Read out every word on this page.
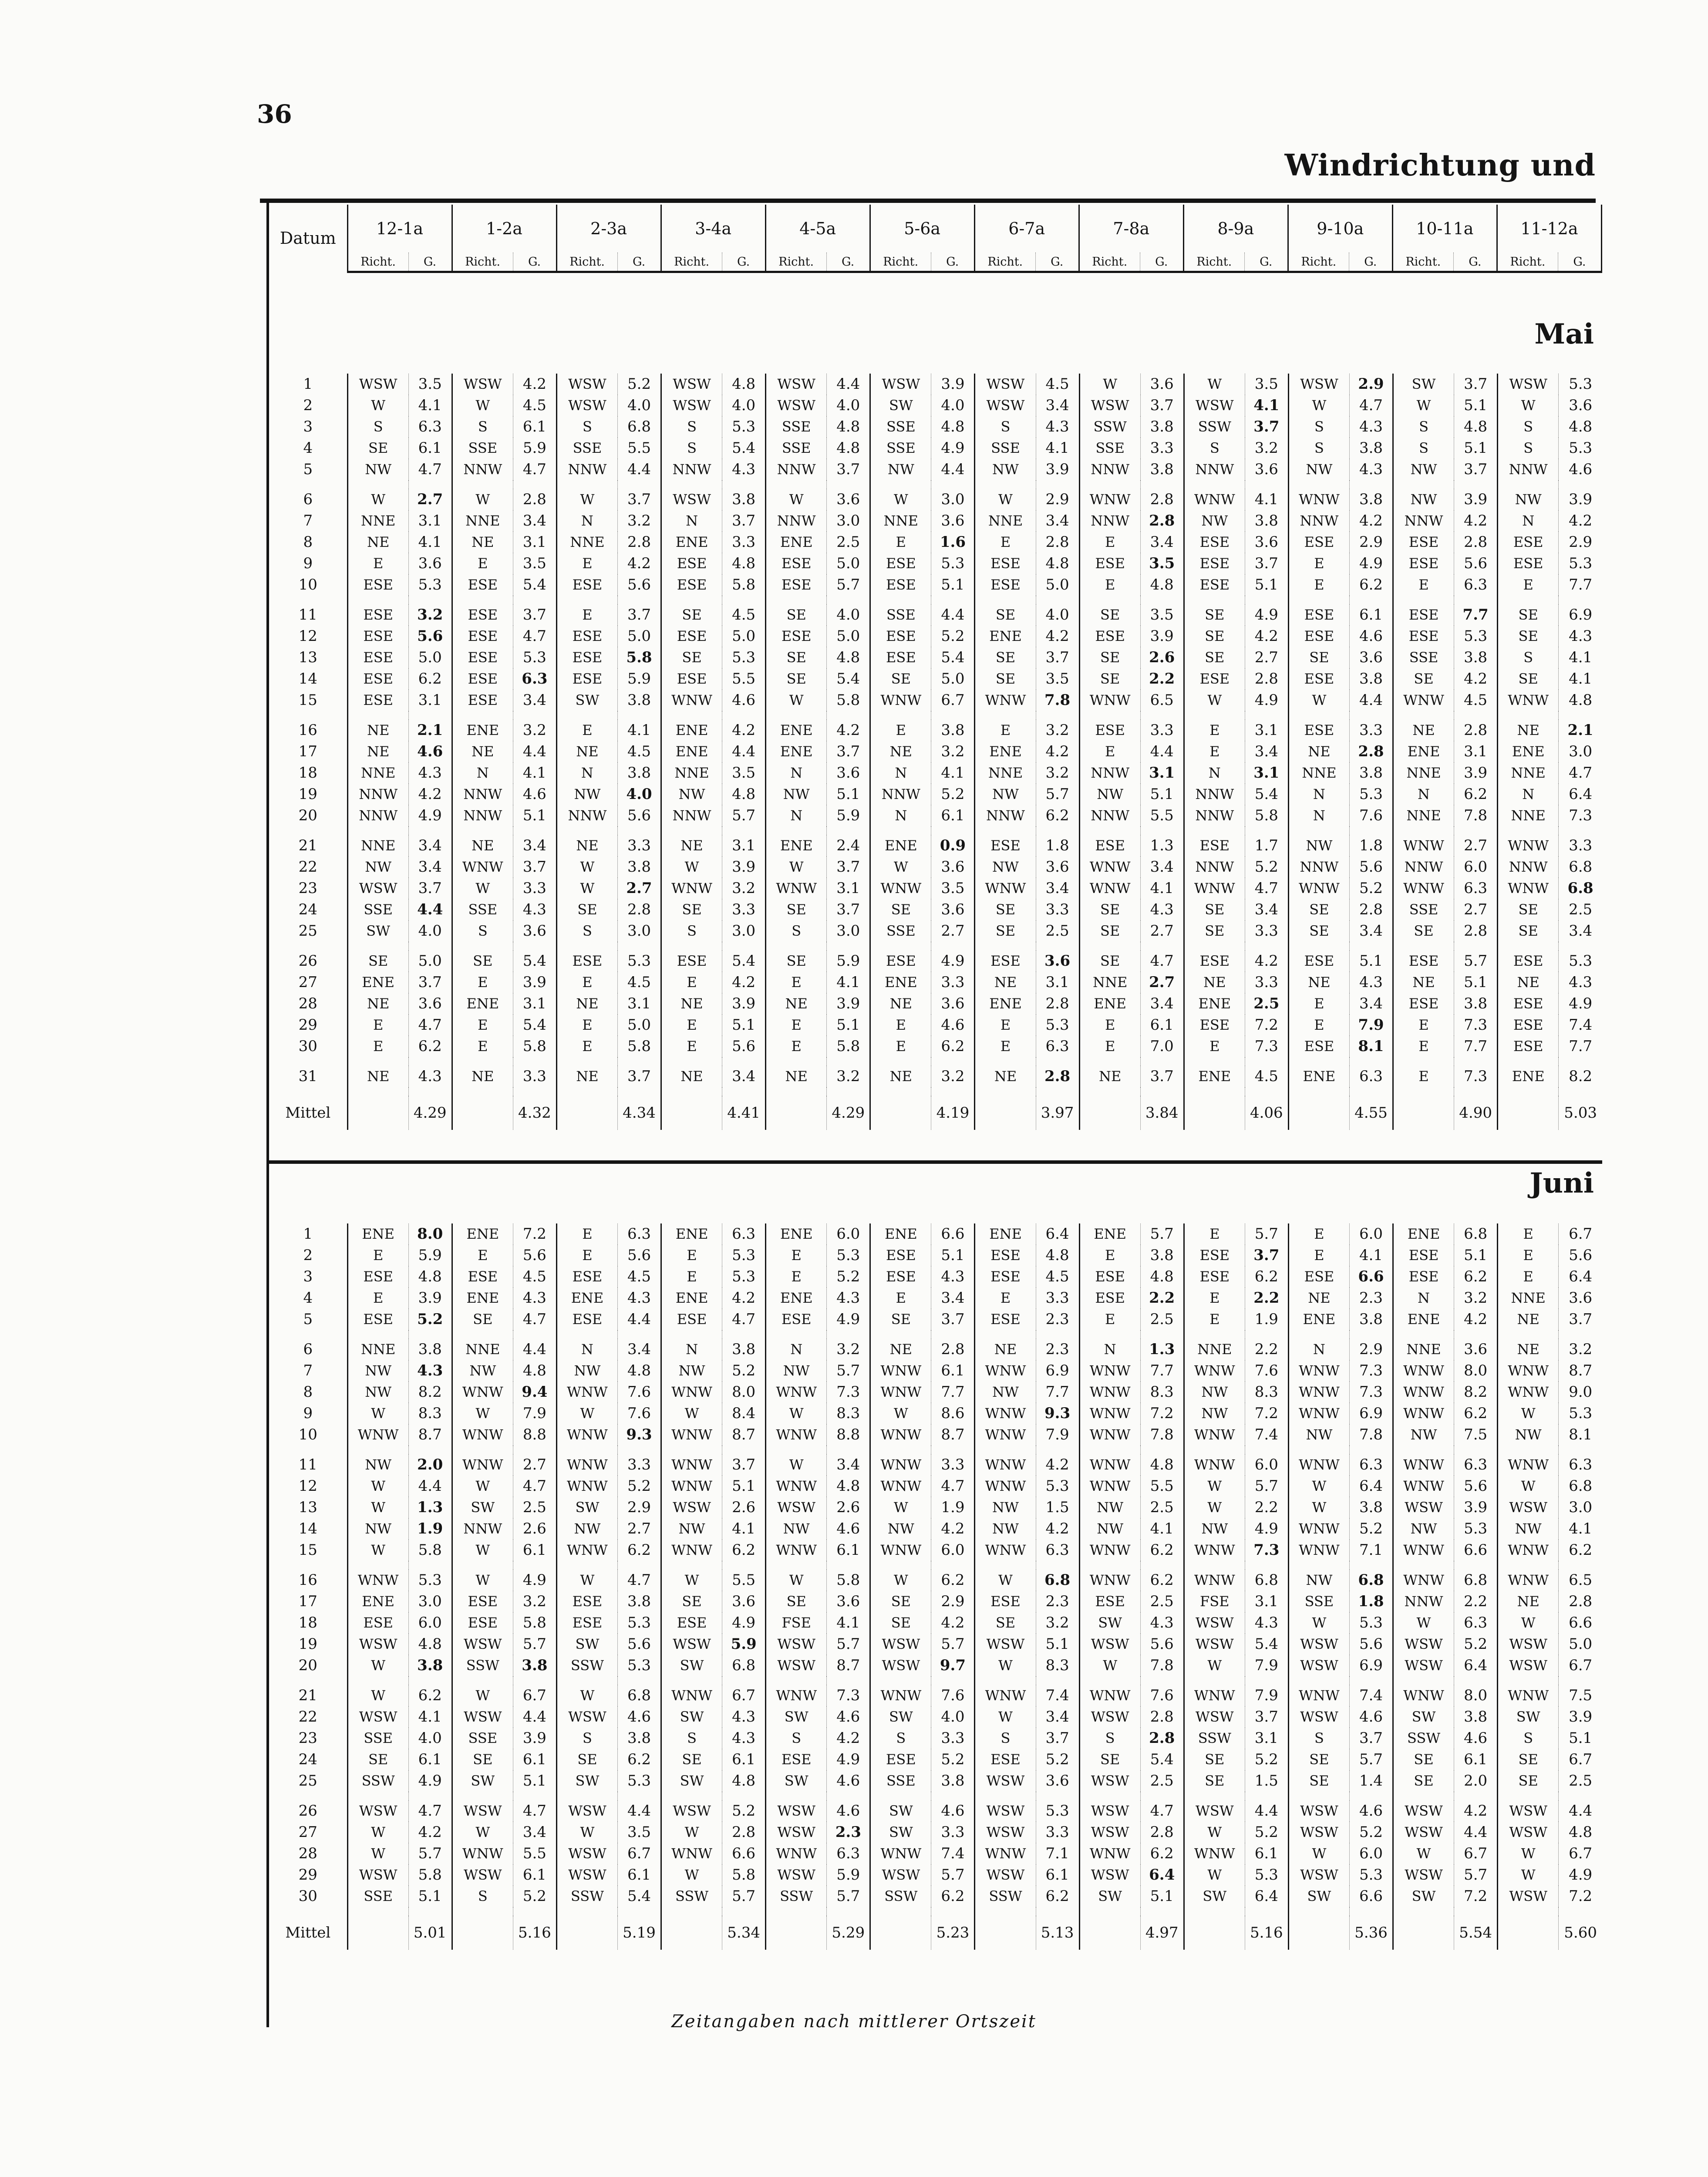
36
Windrichtung und
Datum	12-1a		1-2a		2-3a		3-4a		4-5a		5-6a		6-7a		7-8a		8-9a		9-10a		10-11a		11-12a	
	Richt.	G.	Richt.	G.	Richt.	G.	Richt.	G.	Richt.	G.	Richt.	G.	Richt.	G.	Richt.	G.	Richt.	G.	Richt.	G.	Richt.	G.	Richt.	G.
Mai
1	WSW	3.5	WSW	4.2	WSW	5.2	WSW	4.8	WSW	4.4	WSW	3.9	WSW	4.5	W	3.6	W	3.5	WSW	2.9	SW	3.7	WSW	5.3
2	W	4.1	W	4.5	WSW	4.0	WSW	4.0	WSW	4.0	SW	4.0	WSW	3.4	WSW	3.7	WSW	4.1	W	4.7	W	5.1	W	3.6
3	S	6.3	S	6.1	S	6.8	S	5.3	SSE	4.8	SSE	4.8	S	4.3	SSW	3.8	SSW	3.7	S	4.3	S	4.8	S	4.8
4	SE	6.1	SSE	5.9	SSE	5.5	S	5.4	SSE	4.8	SSE	4.9	SSE	4.1	SSE	3.3	S	3.2	S	3.8	S	5.1	S	5.3
5	NW	4.7	NNW	4.7	NNW	4.4	NNW	4.3	NNW	3.7	NW	4.4	NW	3.9	NNW	3.8	NNW	3.6	NW	4.3	NW	3.7	NNW	4.6

6	W	2.7	W	2.8	W	3.7	WSW	3.8	W	3.6	W	3.0	W	2.9	WNW	2.8	WNW	4.1	WNW	3.8	NW	3.9	NW	3.9
7	NNE	3.1	NNE	3.4	N	3.2	N	3.7	NNW	3.0	NNE	3.6	NNE	3.4	NNW	2.8	NW	3.8	NNW	4.2	NNW	4.2	N	4.2
8	NE	4.1	NE	3.1	NNE	2.8	ENE	3.3	ENE	2.5	E	1.6	E	2.8	E	3.4	ESE	3.6	ESE	2.9	ESE	2.8	ESE	2.9
9	E	3.6	E	3.5	E	4.2	ESE	4.8	ESE	5.0	ESE	5.3	ESE	4.8	ESE	3.5	ESE	3.7	E	4.9	ESE	5.6	ESE	5.3
10	ESE	5.3	ESE	5.4	ESE	5.6	ESE	5.8	ESE	5.7	ESE	5.1	ESE	5.0	E	4.8	ESE	5.1	E	6.2	E	6.3	E	7.7

11	ESE	3.2	ESE	3.7	E	3.7	SE	4.5	SE	4.0	SSE	4.4	SE	4.0	SE	3.5	SE	4.9	ESE	6.1	ESE	7.7	SE	6.9
12	ESE	5.6	ESE	4.7	ESE	5.0	ESE	5.0	ESE	5.0	ESE	5.2	ENE	4.2	ESE	3.9	SE	4.2	ESE	4.6	ESE	5.3	SE	4.3
13	ESE	5.0	ESE	5.3	ESE	5.8	SE	5.3	SE	4.8	ESE	5.4	SE	3.7	SE	2.6	SE	2.7	SE	3.6	SSE	3.8	S	4.1
14	ESE	6.2	ESE	6.3	ESE	5.9	ESE	5.5	SE	5.4	SE	5.0	SE	3.5	SE	2.2	ESE	2.8	ESE	3.8	SE	4.2	SE	4.1
15	ESE	3.1	ESE	3.4	SW	3.8	WNW	4.6	W	5.8	WNW	6.7	WNW	7.8	WNW	6.5	W	4.9	W	4.4	WNW	4.5	WNW	4.8

16	NE	2.1	ENE	3.2	E	4.1	ENE	4.2	ENE	4.2	E	3.8	E	3.2	ESE	3.3	E	3.1	ESE	3.3	NE	2.8	NE	2.1
17	NE	4.6	NE	4.4	NE	4.5	ENE	4.4	ENE	3.7	NE	3.2	ENE	4.2	E	4.4	E	3.4	NE	2.8	ENE	3.1	ENE	3.0
18	NNE	4.3	N	4.1	N	3.8	NNE	3.5	N	3.6	N	4.1	NNE	3.2	NNW	3.1	N	3.1	NNE	3.8	NNE	3.9	NNE	4.7
19	NNW	4.2	NNW	4.6	NW	4.0	NW	4.8	NW	5.1	NNW	5.2	NW	5.7	NW	5.1	NNW	5.4	N	5.3	N	6.2	N	6.4
20	NNW	4.9	NNW	5.1	NNW	5.6	NNW	5.7	N	5.9	N	6.1	NNW	6.2	NNW	5.5	NNW	5.8	N	7.6	NNE	7.8	NNE	7.3

21	NNE	3.4	NE	3.4	NE	3.3	NE	3.1	ENE	2.4	ENE	0.9	ESE	1.8	ESE	1.3	ESE	1.7	NW	1.8	WNW	2.7	WNW	3.3
22	NW	3.4	WNW	3.7	W	3.8	W	3.9	W	3.7	W	3.6	NW	3.6	WNW	3.4	NNW	5.2	NNW	5.6	NNW	6.0	NNW	6.8
23	WSW	3.7	W	3.3	W	2.7	WNW	3.2	WNW	3.1	WNW	3.5	WNW	3.4	WNW	4.1	WNW	4.7	WNW	5.2	WNW	6.3	WNW	6.8
24	SSE	4.4	SSE	4.3	SE	2.8	SE	3.3	SE	3.7	SE	3.6	SE	3.3	SE	4.3	SE	3.4	SE	2.8	SSE	2.7	SE	2.5
25	SW	4.0	S	3.6	S	3.0	S	3.0	S	3.0	SSE	2.7	SE	2.5	SE	2.7	SE	3.3	SE	3.4	SE	2.8	SE	3.4

26	SE	5.0	SE	5.4	ESE	5.3	ESE	5.4	SE	5.9	ESE	4.9	ESE	3.6	SE	4.7	ESE	4.2	ESE	5.1	ESE	5.7	ESE	5.3
27	ENE	3.7	E	3.9	E	4.5	E	4.2	E	4.1	ENE	3.3	NE	3.1	NNE	2.7	NE	3.3	NE	4.3	NE	5.1	NE	4.3
28	NE	3.6	ENE	3.1	NE	3.1	NE	3.9	NE	3.9	NE	3.6	ENE	2.8	ENE	3.4	ENE	2.5	E	3.4	ESE	3.8	ESE	4.9
29	E	4.7	E	5.4	E	5.0	E	5.1	E	5.1	E	4.6	E	5.3	E	6.1	ESE	7.2	E	7.9	E	7.3	ESE	7.4
30	E	6.2	E	5.8	E	5.8	E	5.6	E	5.8	E	6.2	E	6.3	E	7.0	E	7.3	ESE	8.1	E	7.7	ESE	7.7

31	NE	4.3	NE	3.3	NE	3.7	NE	3.4	NE	3.2	NE	3.2	NE	2.8	NE	3.7	ENE	4.5	ENE	6.3	E	7.3	ENE	8.2

Mittel		4.29		4.32		4.34		4.41		4.29		4.19		3.97		3.84		4.06		4.55		4.90		5.03
Juni
1	ENE	8.0	ENE	7.2	E	6.3	ENE	6.3	ENE	6.0	ENE	6.6	ENE	6.4	ENE	5.7	E	5.7	E	6.0	ENE	6.8	E	6.7
2	E	5.9	E	5.6	E	5.6	E	5.3	E	5.3	ESE	5.1	ESE	4.8	E	3.8	ESE	3.7	E	4.1	ESE	5.1	E	5.6
3	ESE	4.8	ESE	4.5	ESE	4.5	E	5.3	E	5.2	ESE	4.3	ESE	4.5	ESE	4.8	ESE	6.2	ESE	6.6	ESE	6.2	E	6.4
4	E	3.9	ENE	4.3	ENE	4.3	ENE	4.2	ENE	4.3	E	3.4	E	3.3	ESE	2.2	E	2.2	NE	2.3	N	3.2	NNE	3.6
5	ESE	5.2	SE	4.7	ESE	4.4	ESE	4.7	ESE	4.9	SE	3.7	ESE	2.3	E	2.5	E	1.9	ENE	3.8	ENE	4.2	NE	3.7

6	NNE	3.8	NNE	4.4	N	3.4	N	3.8	N	3.2	NE	2.8	NE	2.3	N	1.3	NNE	2.2	N	2.9	NNE	3.6	NE	3.2
7	NW	4.3	NW	4.8	NW	4.8	NW	5.2	NW	5.7	WNW	6.1	WNW	6.9	WNW	7.7	WNW	7.6	WNW	7.3	WNW	8.0	WNW	8.7
8	NW	8.2	WNW	9.4	WNW	7.6	WNW	8.0	WNW	7.3	WNW	7.7	NW	7.7	WNW	8.3	NW	8.3	WNW	7.3	WNW	8.2	WNW	9.0
9	W	8.3	W	7.9	W	7.6	W	8.4	W	8.3	W	8.6	WNW	9.3	WNW	7.2	NW	7.2	WNW	6.9	WNW	6.2	W	5.3
10	WNW	8.7	WNW	8.8	WNW	9.3	WNW	8.7	WNW	8.8	WNW	8.7	WNW	7.9	WNW	7.8	WNW	7.4	NW	7.8	NW	7.5	NW	8.1

11	NW	2.0	WNW	2.7	WNW	3.3	WNW	3.7	W	3.4	WNW	3.3	WNW	4.2	WNW	4.8	WNW	6.0	WNW	6.3	WNW	6.3	WNW	6.3
12	W	4.4	W	4.7	WNW	5.2	WNW	5.1	WNW	4.8	WNW	4.7	WNW	5.3	WNW	5.5	W	5.7	W	6.4	WNW	5.6	W	6.8
13	W	1.3	SW	2.5	SW	2.9	WSW	2.6	WSW	2.6	W	1.9	NW	1.5	NW	2.5	W	2.2	W	3.8	WSW	3.9	WSW	3.0
14	NW	1.9	NNW	2.6	NW	2.7	NW	4.1	NW	4.6	NW	4.2	NW	4.2	NW	4.1	NW	4.9	WNW	5.2	NW	5.3	NW	4.1
15	W	5.8	W	6.1	WNW	6.2	WNW	6.2	WNW	6.1	WNW	6.0	WNW	6.3	WNW	6.2	WNW	7.3	WNW	7.1	WNW	6.6	WNW	6.2

16	WNW	5.3	W	4.9	W	4.7	W	5.5	W	5.8	W	6.2	W	6.8	WNW	6.2	WNW	6.8	NW	6.8	WNW	6.8	WNW	6.5
17	ENE	3.0	ESE	3.2	ESE	3.8	SE	3.6	SE	3.6	SE	2.9	ESE	2.3	ESE	2.5	FSE	3.1	SSE	1.8	NNW	2.2	NE	2.8
18	ESE	6.0	ESE	5.8	ESE	5.3	ESE	4.9	FSE	4.1	SE	4.2	SE	3.2	SW	4.3	WSW	4.3	W	5.3	W	6.3	W	6.6
19	WSW	4.8	WSW	5.7	SW	5.6	WSW	5.9	WSW	5.7	WSW	5.7	WSW	5.1	WSW	5.6	WSW	5.4	WSW	5.6	WSW	5.2	WSW	5.0
20	W	3.8	SSW	3.8	SSW	5.3	SW	6.8	WSW	8.7	WSW	9.7	W	8.3	W	7.8	W	7.9	WSW	6.9	WSW	6.4	WSW	6.7

21	W	6.2	W	6.7	W	6.8	WNW	6.7	WNW	7.3	WNW	7.6	WNW	7.4	WNW	7.6	WNW	7.9	WNW	7.4	WNW	8.0	WNW	7.5
22	WSW	4.1	WSW	4.4	WSW	4.6	SW	4.3	SW	4.6	SW	4.0	W	3.4	WSW	2.8	WSW	3.7	WSW	4.6	SW	3.8	SW	3.9
23	SSE	4.0	SSE	3.9	S	3.8	S	4.3	S	4.2	S	3.3	S	3.7	S	2.8	SSW	3.1	S	3.7	SSW	4.6	S	5.1
24	SE	6.1	SE	6.1	SE	6.2	SE	6.1	ESE	4.9	ESE	5.2	ESE	5.2	SE	5.4	SE	5.2	SE	5.7	SE	6.1	SE	6.7
25	SSW	4.9	SW	5.1	SW	5.3	SW	4.8	SW	4.6	SSE	3.8	WSW	3.6	WSW	2.5	SE	1.5	SE	1.4	SE	2.0	SE	2.5

26	WSW	4.7	WSW	4.7	WSW	4.4	WSW	5.2	WSW	4.6	SW	4.6	WSW	5.3	WSW	4.7	WSW	4.4	WSW	4.6	WSW	4.2	WSW	4.4
27	W	4.2	W	3.4	W	3.5	W	2.8	WSW	2.3	SW	3.3	WSW	3.3	WSW	2.8	W	5.2	WSW	5.2	WSW	4.4	WSW	4.8
28	W	5.7	WNW	5.5	WSW	6.7	WNW	6.6	WNW	6.3	WNW	7.4	WNW	7.1	WNW	6.2	WNW	6.1	W	6.0	W	6.7	W	6.7
29	WSW	5.8	WSW	6.1	WSW	6.1	W	5.8	WSW	5.9	WSW	5.7	WSW	6.1	WSW	6.4	W	5.3	WSW	5.3	WSW	5.7	W	4.9
30	SSE	5.1	S	5.2	SSW	5.4	SSW	5.7	SSW	5.7	SSW	6.2	SSW	6.2	SW	5.1	SW	6.4	SW	6.6	SW	7.2	WSW	7.2

Mittel		5.01		5.16		5.19		5.34		5.29		5.23		5.13		4.97		5.16		5.36		5.54		5.60
Zeitangaben nach mittlerer Ortszeit
